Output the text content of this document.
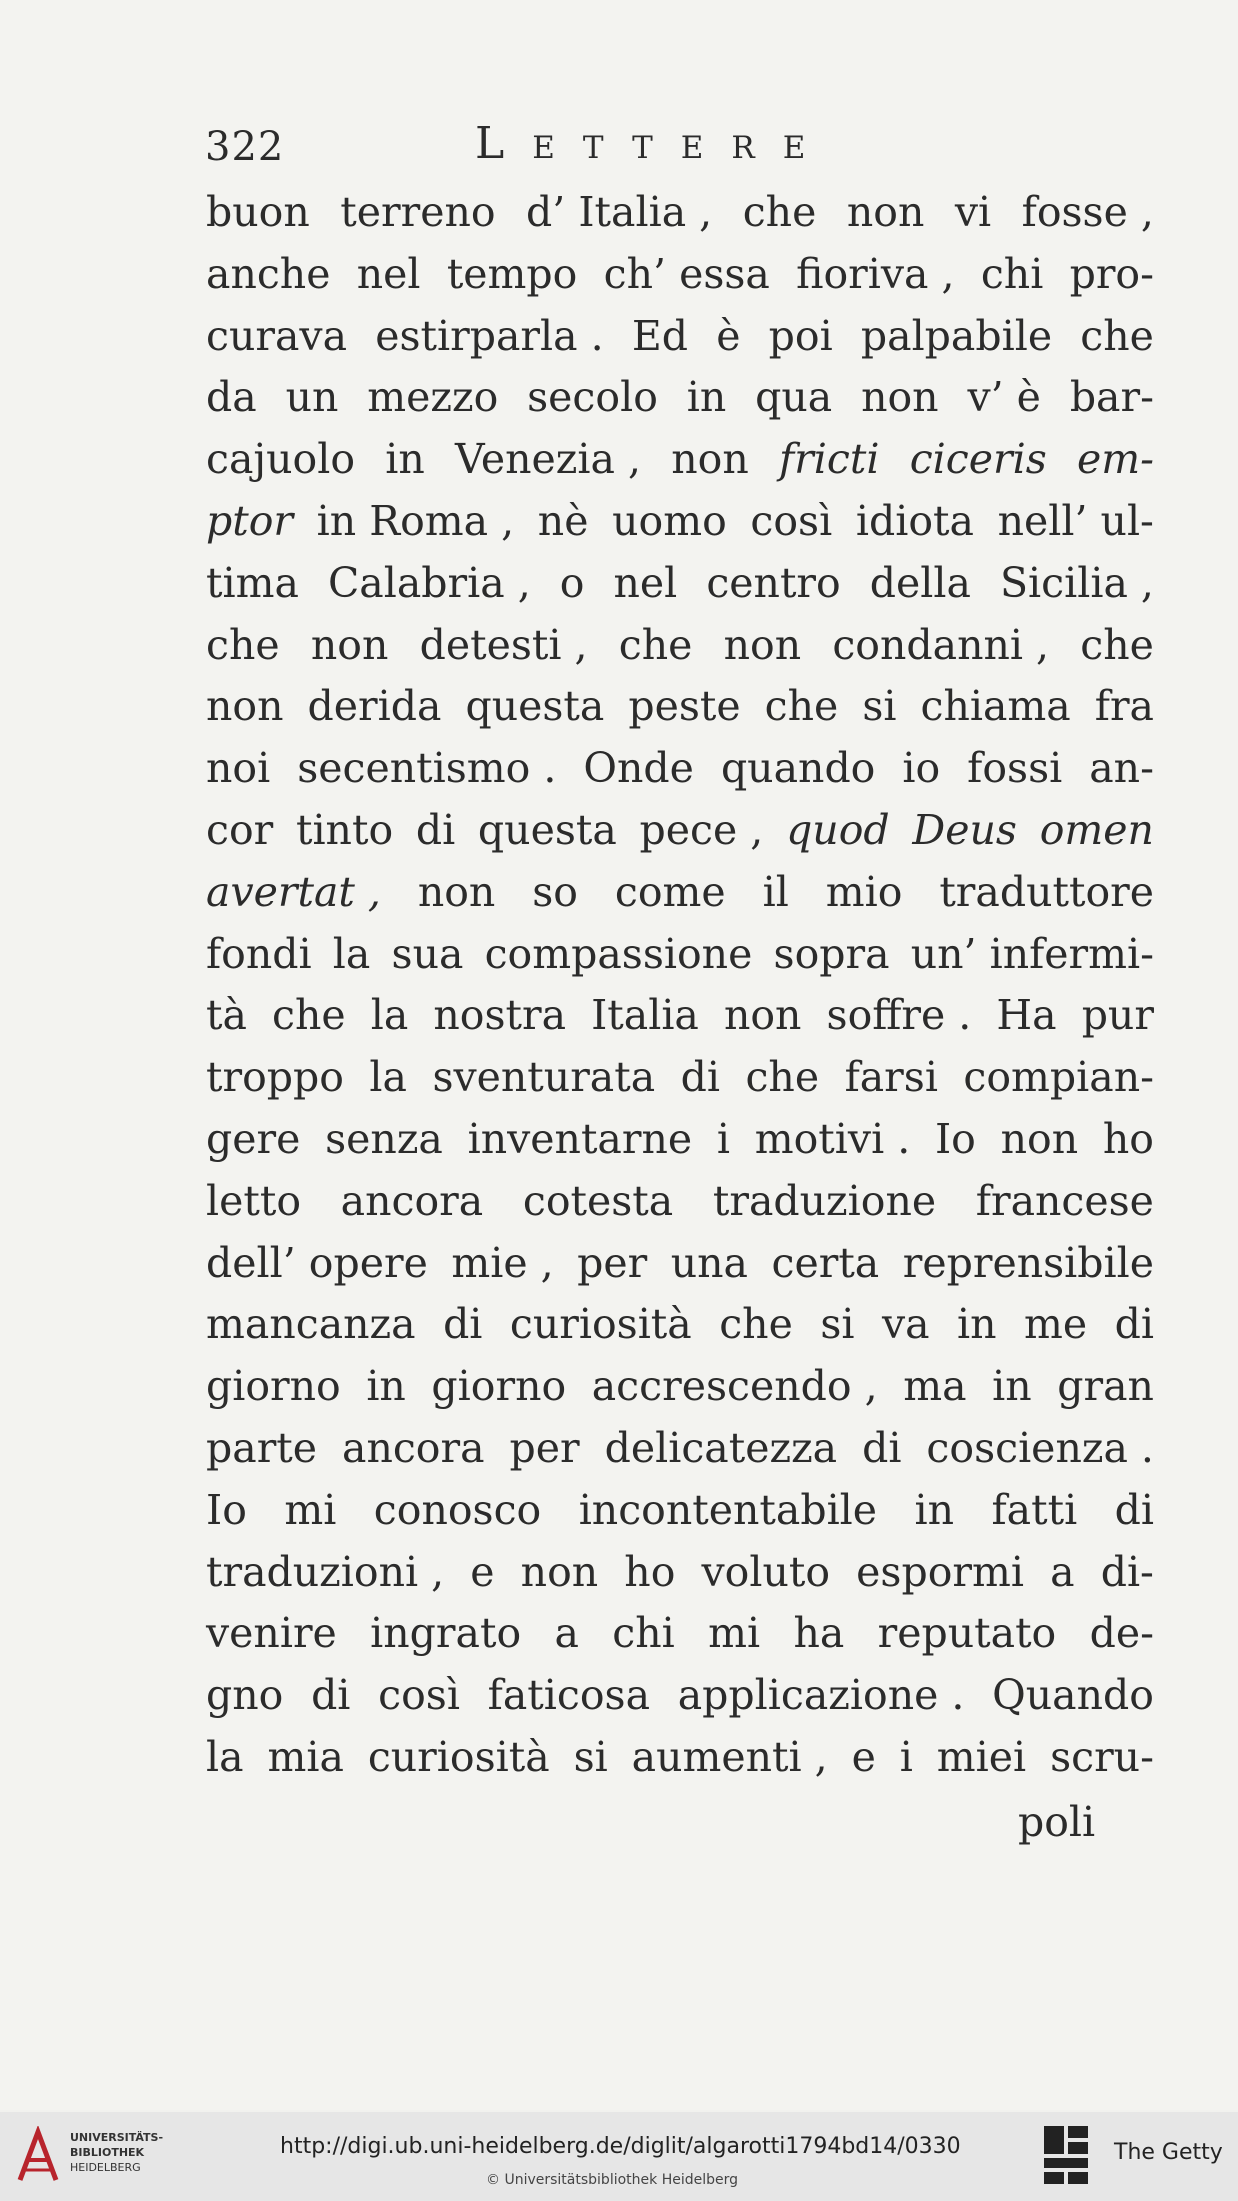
322	Lettere
buon terreno d’ Italia , che non vi fosse ,
anche nel tempo ch’ essa fioriva , chi pro-
curava estirparla . Ed è poi palpabile che
da un mezzo secolo in qua non v’ è bar-
cajuolo in Venezia , non fricti ciceris em-
ptor in Roma , nè uomo così idiota nell’ ul-
tima Calabria , o nel centro della Sicilia ,
che non detesti , che non condanni , che
non derida questa peste che si chiama fra
noi secentismo . Onde quando io fossi an-
cor tinto di questa pece , quod Deus omen
avertat , non so come il mio traduttore
fondi la sua compassione sopra un’ infermi-
tà che la nostra Italia non soffre . Ha pur
troppo la sventurata di che farsi compian-
gere senza inventarne i motivi . Io non ho
letto ancora cotesta traduzione francese
dell’ opere mie , per una certa reprensibile
mancanza di curiosità che si va in me di
giorno in giorno accrescendo , ma in gran
parte ancora per delicatezza di coscienza .
Io mi conosco incontentabile in fatti di
traduzioni , e non ho voluto espormi a di-
venire ingrato a chi mi ha reputato de-
gno di così faticosa applicazione . Quando
la mia curiosità si aumenti , e i miei scru-
poli
UNIVERSITÄTS-
BIBLIOTHEK
HEIDELBERG
http://digi.ub.uni-heidelberg.de/diglit/algarotti1794bd14/0330
© Universitätsbibliothek Heidelberg
The Getty
